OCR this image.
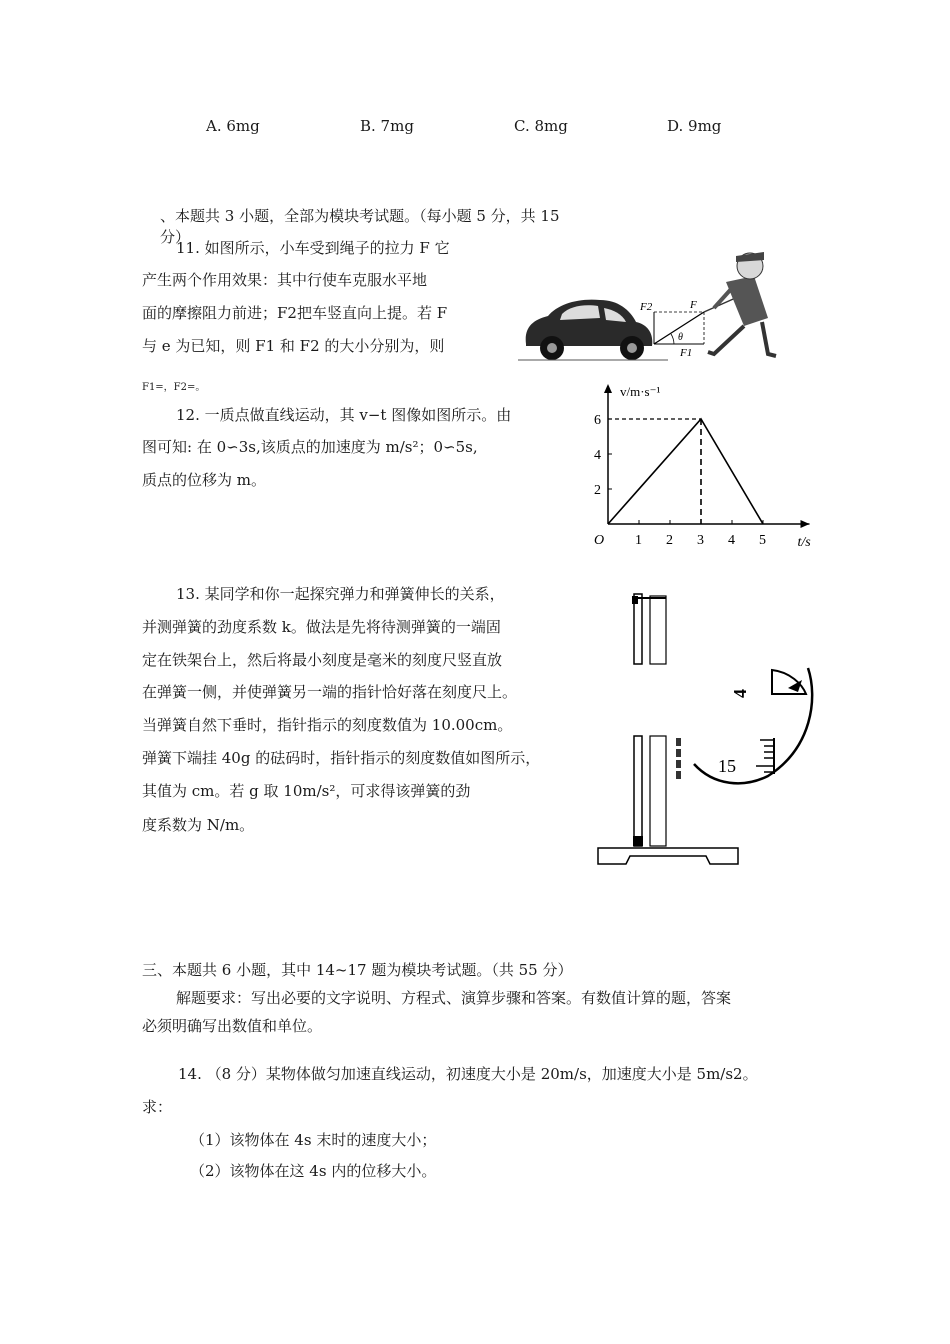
A. 6mg	B. 7mg	C. 8mg	D. 9mg
、本题共 3 小题，全部为模块考试题。（每小题 5 分，共 15
分）
11. 如图所示，小车受到绳子的拉力 F 它
产生两个作用效果：其中行使车克服水平地
面的摩擦阻力前进；F2把车竖直向上提。若 F
与 e 为已知，则 F1 和 F2 的大小分别为，则
F1=，F2=。
F2	F
θ
F1
12. 一质点做直线运动，其 v−t 图像如图所示。由
图可知: 在 0∽3s,该质点的加速度为 m/s²；0∽5s,
质点的位移为 m。
t/s
v/m·s⁻¹
O 1 2 3 4 5
2
4
6
13. 某同学和你一起探究弹力和弹簧伸长的关系，
并测弹簧的劲度系数 k。做法是先将待测弹簧的一端固
定在铁架台上，然后将最小刻度是毫米的刻度尺竖直放
在弹簧一侧，并使弹簧另一端的指针恰好落在刻度尺上。
当弹簧自然下垂时，指针指示的刻度数值为 10.00cm。
弹簧下端挂 40g 的砝码时，指针指示的刻度数值如图所示，
其值为 cm。若 g 取 10m/s²，可求得该弹簧的劲
度系数为 N/m。
4
15
三、本题共 6 小题，其中 14~17 题为模块考试题。（共 55 分）
解题要求：写出必要的文字说明、方程式、演算步骤和答案。有数值计算的题，答案
必须明确写出数值和单位。
14. （8 分）某物体做匀加速直线运动，初速度大小是 20m/s，加速度大小是 5m/s2。
求：
（1）该物体在 4s 末时的速度大小；
（2）该物体在这 4s 内的位移大小。
